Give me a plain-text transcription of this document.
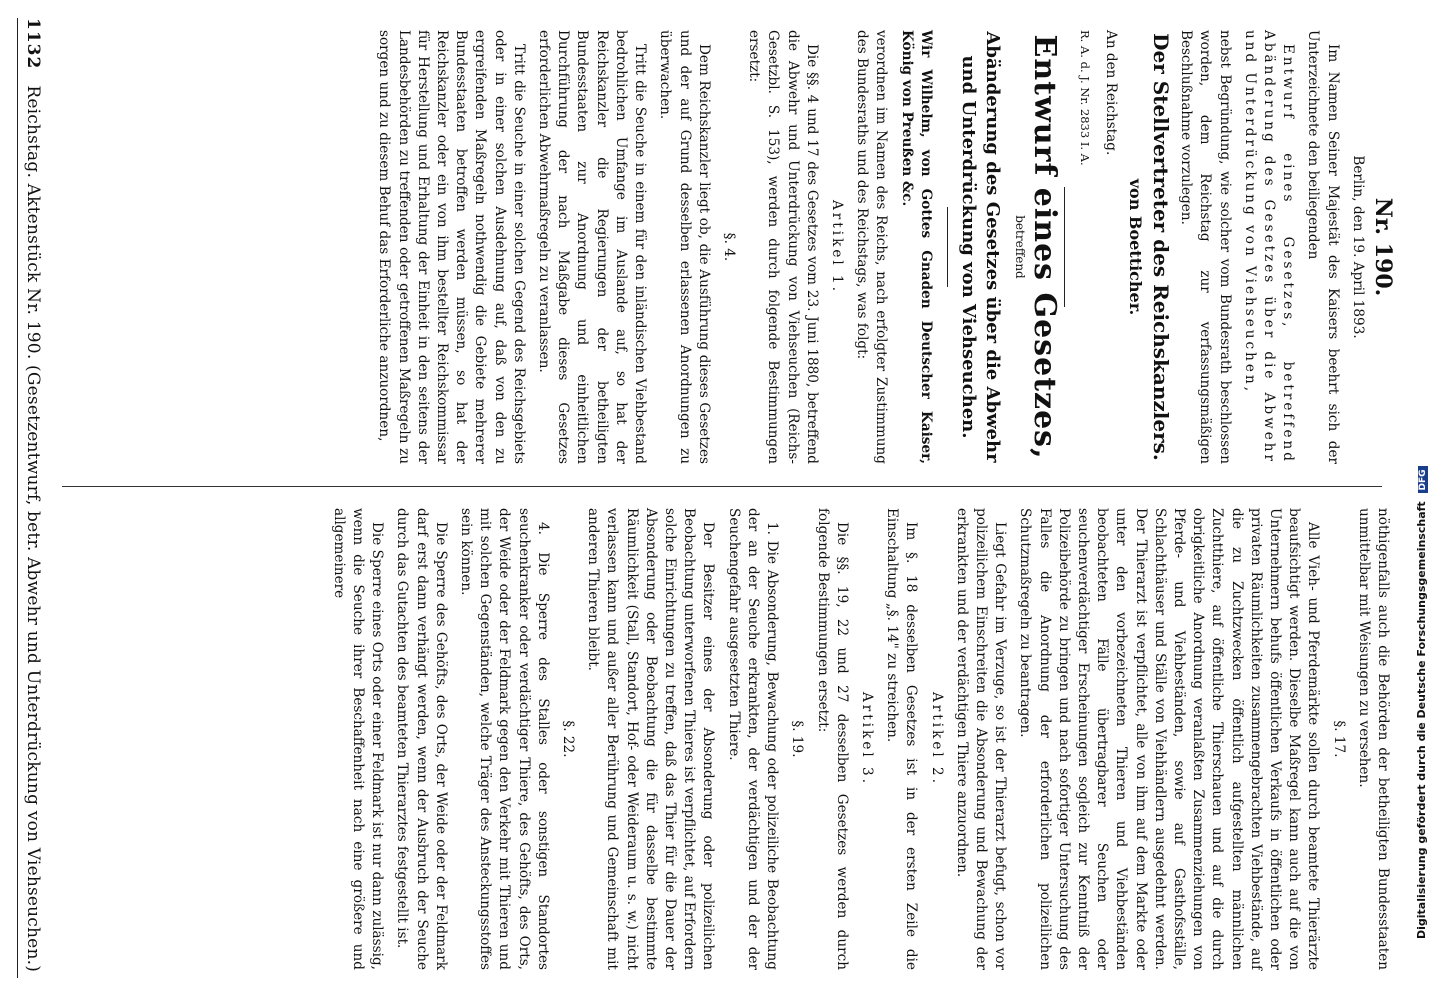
1132
Reichstag. Aktenstück Nr. 190. (Gesetzentwurf, betr. Abwehr und Unterdrückung von Viehseuchen.)	Nr. 190.

Berlin, den 19. April 1893.

Im Namen Seiner Majestät des Kaisers beehrt sich der Unterzeichnete den beiliegenden

Entwurf eines Gesetzes, betreffend Abänderung des Gesetzes über die Abwehr und Unterdrückung von Viehseuchen,

nebst Begründung, wie solcher vom Bundesrath beschlossen worden, dem Reichstag zur verfassungsmäßigen Beschlußnahme vorzulegen.

Der Stellvertreter des Reichskanzlers.

von Boetticher.

An den Reichstag.

R. A. d. J. Nr. 2833 I. A.

Entwurf eines Gesetzes,

betreffend

Abänderung des Gesetzes über die Abwehr und Unterdrückung von Viehseuchen.

Wir Wilhelm, von Gottes Gnaden Deutscher Kaiser, König von Preußen &c.

verordnen im Namen des Reichs, nach erfolgter Zustimmung des Bundesraths und des Reichstags, was folgt:

Artikel 1.

Die §§. 4 und 17 des Gesetzes vom 23. Juni 1880, betreffend die Abwehr und Unterdrückung von Viehseuchen (Reichs-Gesetzbl. S. 153), werden durch folgende Bestimmungen ersetzt:

§. 4.

Dem Reichskanzler liegt ob, die Ausführung dieses Gesetzes und der auf Grund desselben erlassenen Anordnungen zu überwachen.

Tritt die Seuche in einem für den inländischen Viehbestand bedrohlichen Umfange im Auslande auf, so hat der Reichskanzler die Regierungen der betheiligten Bundesstaaten zur Anordnung und einheitlichen Durchführung der nach Maßgabe dieses Gesetzes erforderlichen Abwehrmaßregeln zu veranlassen.

Tritt die Seuche in einer solchen Gegend des Reichsgebiets oder in einer solchen Ausdehnung auf, daß von den zu ergreifenden Maßregeln nothwendig die Gebiete mehrerer Bundesstaaten betroffen werden müssen, so hat der Reichskanzler oder ein von ihm bestellter Reichskommissar für Herstellung und Erhaltung der Einheit in den seitens der Landesbehörden zu treffenden oder getroffenen Maßregeln zu sorgen und zu diesem Behuf das Erforderliche anzuordnen,

nöthigenfalls auch die Behörden der betheiligten Bundesstaaten unmittelbar mit Weisungen zu versehen.

§. 17.

Alle Vieh- und Pferdemärkte sollen durch beamtete Thierärzte beaufsichtigt werden. Dieselbe Maßregel kann auch auf die von Unternehmern behufs öffentlichen Verkaufs in öffentlichen oder privaten Räumlichkeiten zusammengebrachten Viehbestände, auf die zu Zuchtzwecken öffentlich aufgestellten männlichen Zuchtthiere, auf öffentliche Thierschauen und auf die durch obrigkeitliche Anordnung veranlaßten Zusammenziehungen von Pferde- und Viehbeständen, sowie auf Gasthofsställe, Schlachthäuser und Ställe von Viehhändlern ausgedehnt werden. Der Thierarzt ist verpflichtet, alle von ihm auf dem Markte oder unter den vorbezeichneten Thieren und Viehbeständen beobachteten Fälle übertragbarer Seuchen oder seuchenverdächtiger Erscheinungen sogleich zur Kenntniß der Polizeibehörde zu bringen und nach sofortiger Untersuchung des Falles die Anordnung der erforderlichen polizeilichen Schutzmaßregeln zu beantragen.

Liegt Gefahr im Verzuge, so ist der Thierarzt befugt, schon vor polizeilichem Einschreiten die Absonderung und Bewachung der erkrankten und der verdächtigen Thiere anzuordnen.

Artikel 2.

Im §. 18 desselben Gesetzes ist in der ersten Zeile die Einschaltung „§. 14" zu streichen.

Artikel 3.

Die §§. 19, 22 und 27 desselben Gesetzes werden durch folgende Bestimmungen ersetzt:

§. 19.

1. Die Absonderung, Bewachung oder polizeiliche Beobachtung der an der Seuche erkrankten, der verdächtigen und der der Seuchengefahr ausgesetzten Thiere.

Der Besitzer eines der Absonderung oder polizeilichen Beobachtung unterworfenen Thieres ist verpflichtet, auf Erfordern solche Einrichtungen zu treffen, daß das Thier für die Dauer der Absonderung oder Beobachtung die für dasselbe bestimmte Räumlichkeit (Stall, Standort, Hof- oder Weideraum u. s. w.) nicht verlassen kann und außer aller Berührung und Gemeinschaft mit anderen Thieren bleibt.

§. 22.

4. Die Sperre des Stalles oder sonstigen Standortes seuchenkranker oder verdächtiger Thiere, des Gehöfts, des Orts, der Weide oder der Feldmark gegen den Verkehr mit Thieren und mit solchen Gegenständen, welche Träger des Ansteckungsstoffes sein können.

Die Sperre des Gehöfts, des Orts, der Weide oder der Feldmark darf erst dann verhängt werden, wenn der Ausbruch der Seuche durch das Gutachten des beamteten Thierarztes festgestellt ist.

Die Sperre eines Orts oder einer Feldmark ist nur dann zulässig, wenn die Seuche ihrer Beschaffenheit nach eine größere und allgemeinere	Digitalisierung gefördert durch die Deutsche Forschungsgemeinschaft DFG
